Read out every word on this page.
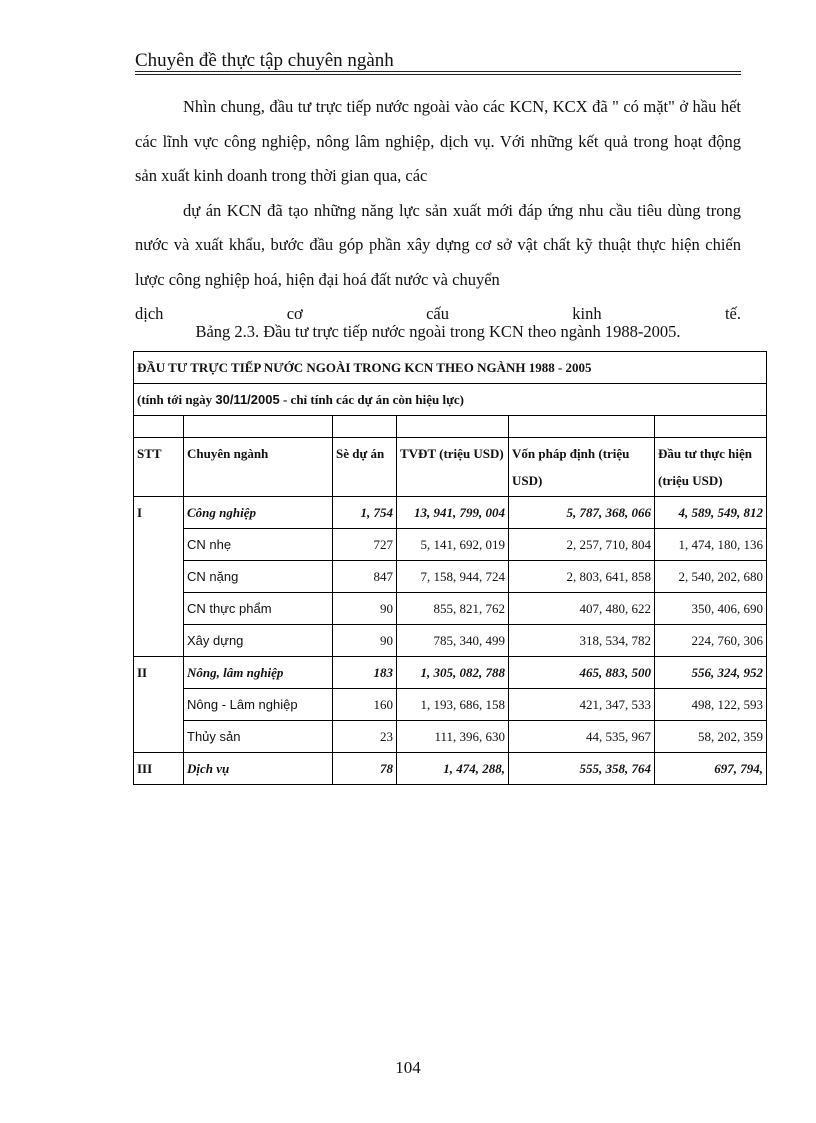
Chuyên đề thực tập chuyên ngành

Nhìn chung, đầu tư trực tiếp nước ngoài vào các KCN, KCX đã " có mặt" ở hầu hết các lĩnh vực công nghiệp, nông lâm nghiệp, dịch vụ. Với những kết quả trong hoạt động sản xuất kinh doanh trong thời gian qua, các

dự án KCN đã tạo những năng lực sản xuất mới đáp ứng nhu cầu tiêu dùng trong nước và xuất khẩu, bước đầu góp phần xây dựng cơ sở vật chất kỹ thuật thực hiện chiến lược công nghiệp hoá, hiện đại hoá đất nước và chuyển

dịch cơ cấu kinh tế.

Bảng 2.3. Đầu tư trực tiếp nước ngoài trong KCN theo ngành 1988-2005.
ĐẦU TƯ TRỰC TIẾP NƯỚC NGOÀI TRONG KCN THEO NGÀNH 1988 - 2005					

(tính tới ngày 30/11/2005 - chỉ tính các dự án còn hiệu lực)					

STT	Chuyên ngành	Sè dự án	TVĐT (triệu USD)	Vốn pháp định (triệu USD)	Đầu tư thực hiện (triệu USD)
I	Công nghiệp	1, 754	13, 941, 799, 004	5, 787, 368, 066	4, 589, 549, 812
	CN nhẹ	727	5, 141, 692, 019	2, 257, 710, 804	1, 474, 180, 136
	CN nặng	847	7, 158, 944, 724	2, 803, 641, 858	2, 540, 202, 680
	CN thực phẩm	90	855, 821, 762	407, 480, 622	350, 406, 690
	Xây dựng	90	785, 340, 499	318, 534, 782	224, 760, 306
II	Nông, lâm nghiệp	183	1, 305, 082, 788	465, 883, 500	556, 324, 952
	Nông - Lâm nghiệp	160	1, 193, 686, 158	421, 347, 533	498, 122, 593
	Thủy sản	23	111, 396, 630	44, 535, 967	58, 202, 359
III	Dịch vụ	78	1, 474, 288,	555, 358, 764	697, 794,
104
